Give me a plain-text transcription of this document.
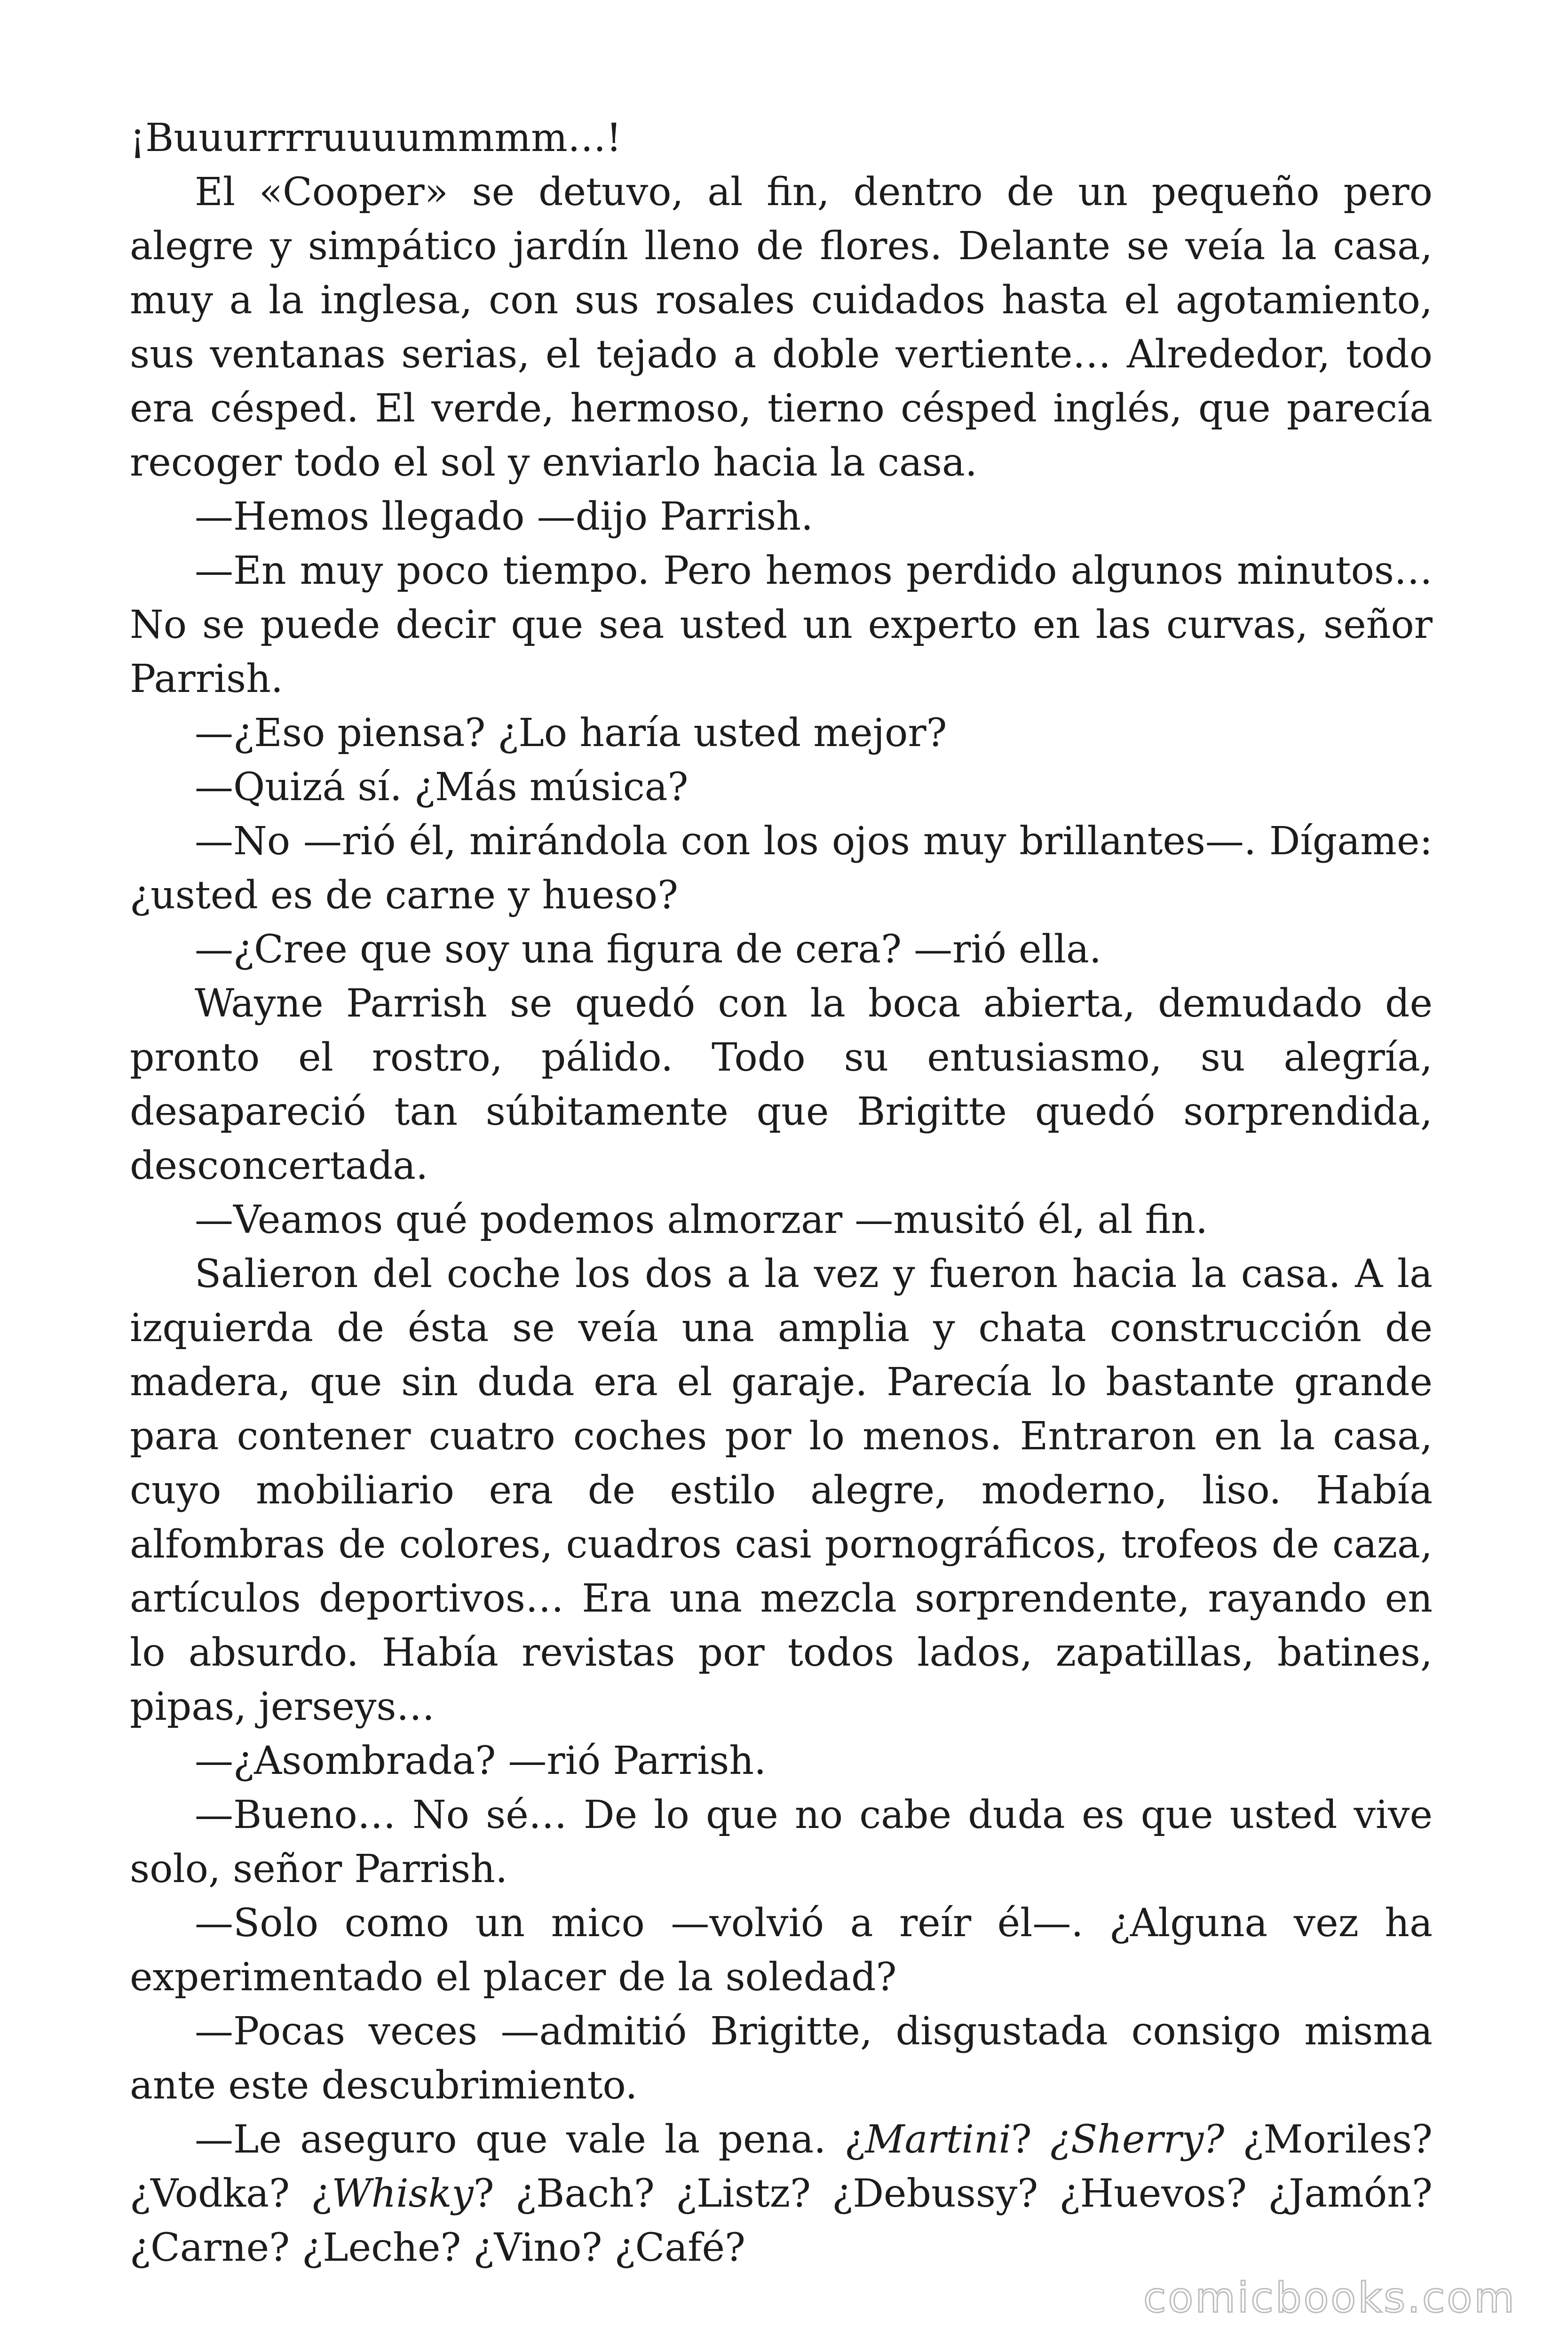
¡Buuurrrruuuummmm…!

El «Cooper» se detuvo, al fin, dentro de un pequeño pero alegre y simpático jardín lleno de flores. Delante se veía la casa, muy a la inglesa, con sus rosales cuidados hasta el agotamiento, sus ventanas serias, el tejado a doble vertiente… Alrededor, todo era césped. El verde, hermoso, tierno césped inglés, que parecía recoger todo el sol y enviarlo hacia la casa.

—Hemos llegado —dijo Parrish.

—En muy poco tiempo. Pero hemos perdido algunos minutos… No se puede decir que sea usted un experto en las curvas, señor Parrish.

—¿Eso piensa? ¿Lo haría usted mejor?

—Quizá sí. ¿Más música?

—No —rió él, mirándola con los ojos muy brillantes—. Dígame: ¿usted es de carne y hueso?

—¿Cree que soy una figura de cera? —rió ella.

Wayne Parrish se quedó con la boca abierta, demudado de pronto el rostro, pálido. Todo su entusiasmo, su alegría, desapareció tan súbitamente que Brigitte quedó sorprendida, desconcertada.

—Veamos qué podemos almorzar —musitó él, al fin.

Salieron del coche los dos a la vez y fueron hacia la casa. A la izquierda de ésta se veía una amplia y chata construcción de madera, que sin duda era el garaje. Parecía lo bastante grande para contener cuatro coches por lo menos. Entraron en la casa, cuyo mobiliario era de estilo alegre, moderno, liso. Había alfombras de colores, cuadros casi pornográficos, trofeos de caza, artículos deportivos… Era una mezcla sorprendente, rayando en lo absurdo. Había revistas por todos lados, zapatillas, batines, pipas, jerseys…

—¿Asombrada? —rió Parrish.

—Bueno… No sé… De lo que no cabe duda es que usted vive solo, señor Parrish.

—Solo como un mico —volvió a reír él—. ¿Alguna vez ha experimentado el placer de la soledad?

—Pocas veces —admitió Brigitte, disgustada consigo misma ante este descubrimiento.

—Le aseguro que vale la pena. ¿Martini? ¿Sherry? ¿Moriles? ¿Vodka? ¿Whisky? ¿Bach? ¿Listz? ¿Debussy? ¿Huevos? ¿Jamón? ¿Carne? ¿Leche? ¿Vino? ¿Café?

comicbooks.com
